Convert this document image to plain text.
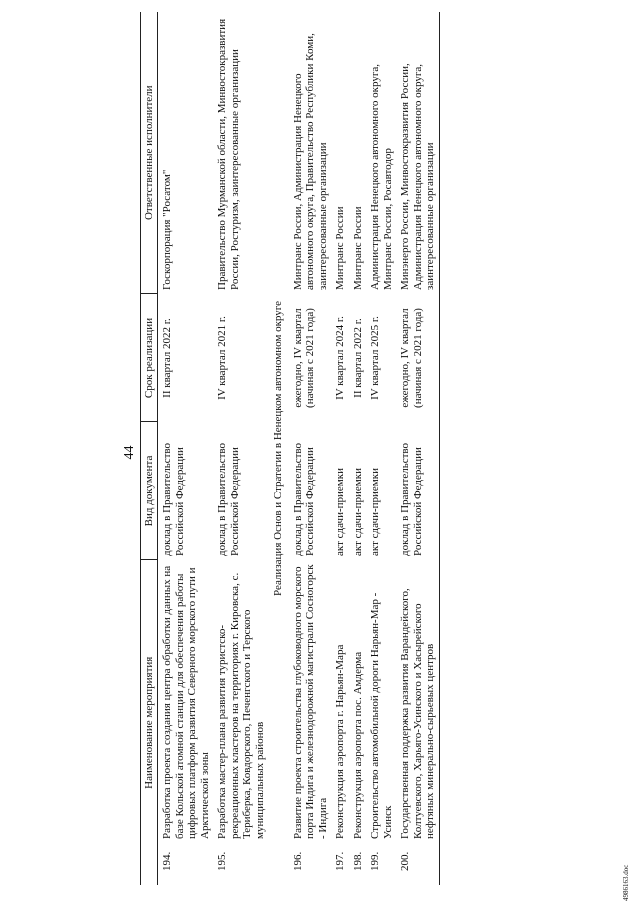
44
Наименование мероприятия		Вид документа	Срок реализации	Ответственные исполнители
194.	Разработка проекта создания центра обработки данных на базе Кольской атомной станции для обеспечения работы цифровых платформ развития Северного морского пути и Арктической зоны	доклад в Правительство Российской Федерации	II квартал 2022 г.	Госкорпорация "Росатом"
195.	Разработка мастер-плана развития туристско-рекреационных кластеров на территориях г. Кировска, с. Териберка, Ковдорского, Печенгского и Терского муниципальных районов	доклад в Правительство Российской Федерации	IV квартал 2021 г.	Правительство Мурманской области, Минвостокразвития России, Ростуризм, заинтересованные организации
Реализация Основ и Стратегии в Ненецком автономном округе				
196.	Развитие проекта строительства глубоководного морского порта Индига и железнодорожной магистрали Сосногорск - Индига	доклад в Правительство Российской Федерации	ежегодно, IV квартал (начиная с 2021 года)	Минтранс России, Администрация Ненецкого автономного округа, Правительство Республики Коми, заинтересованные организации
197.	Реконструкция аэропорта г. Нарьян-Мара	акт сдачи-приемки	IV квартал 2024 г.	Минтранс России
198.	Реконструкция аэропорта пос. Амдерма	акт сдачи-приемки	II квартал 2022 г.	Минтранс России
199.	Строительство автомобильной дороги Нарьян-Мар - Усинск	акт сдачи-приемки	IV квартал 2025 г.	Администрация Ненецкого автономного округа, Минтранс России, Росавтодор
200.	Государственная поддержка развития Варандейского, Колтуевского, Харьяго-Усинского и Хасырейского нефтяных минерально-сырьевых центров	доклад в Правительство Российской Федерации	ежегодно, IV квартал (начиная с 2021 года)	Минэнерго России, Минвостокразвития России, Администрация Ненецкого автономного округа, заинтересованные организации
4986163.doc
